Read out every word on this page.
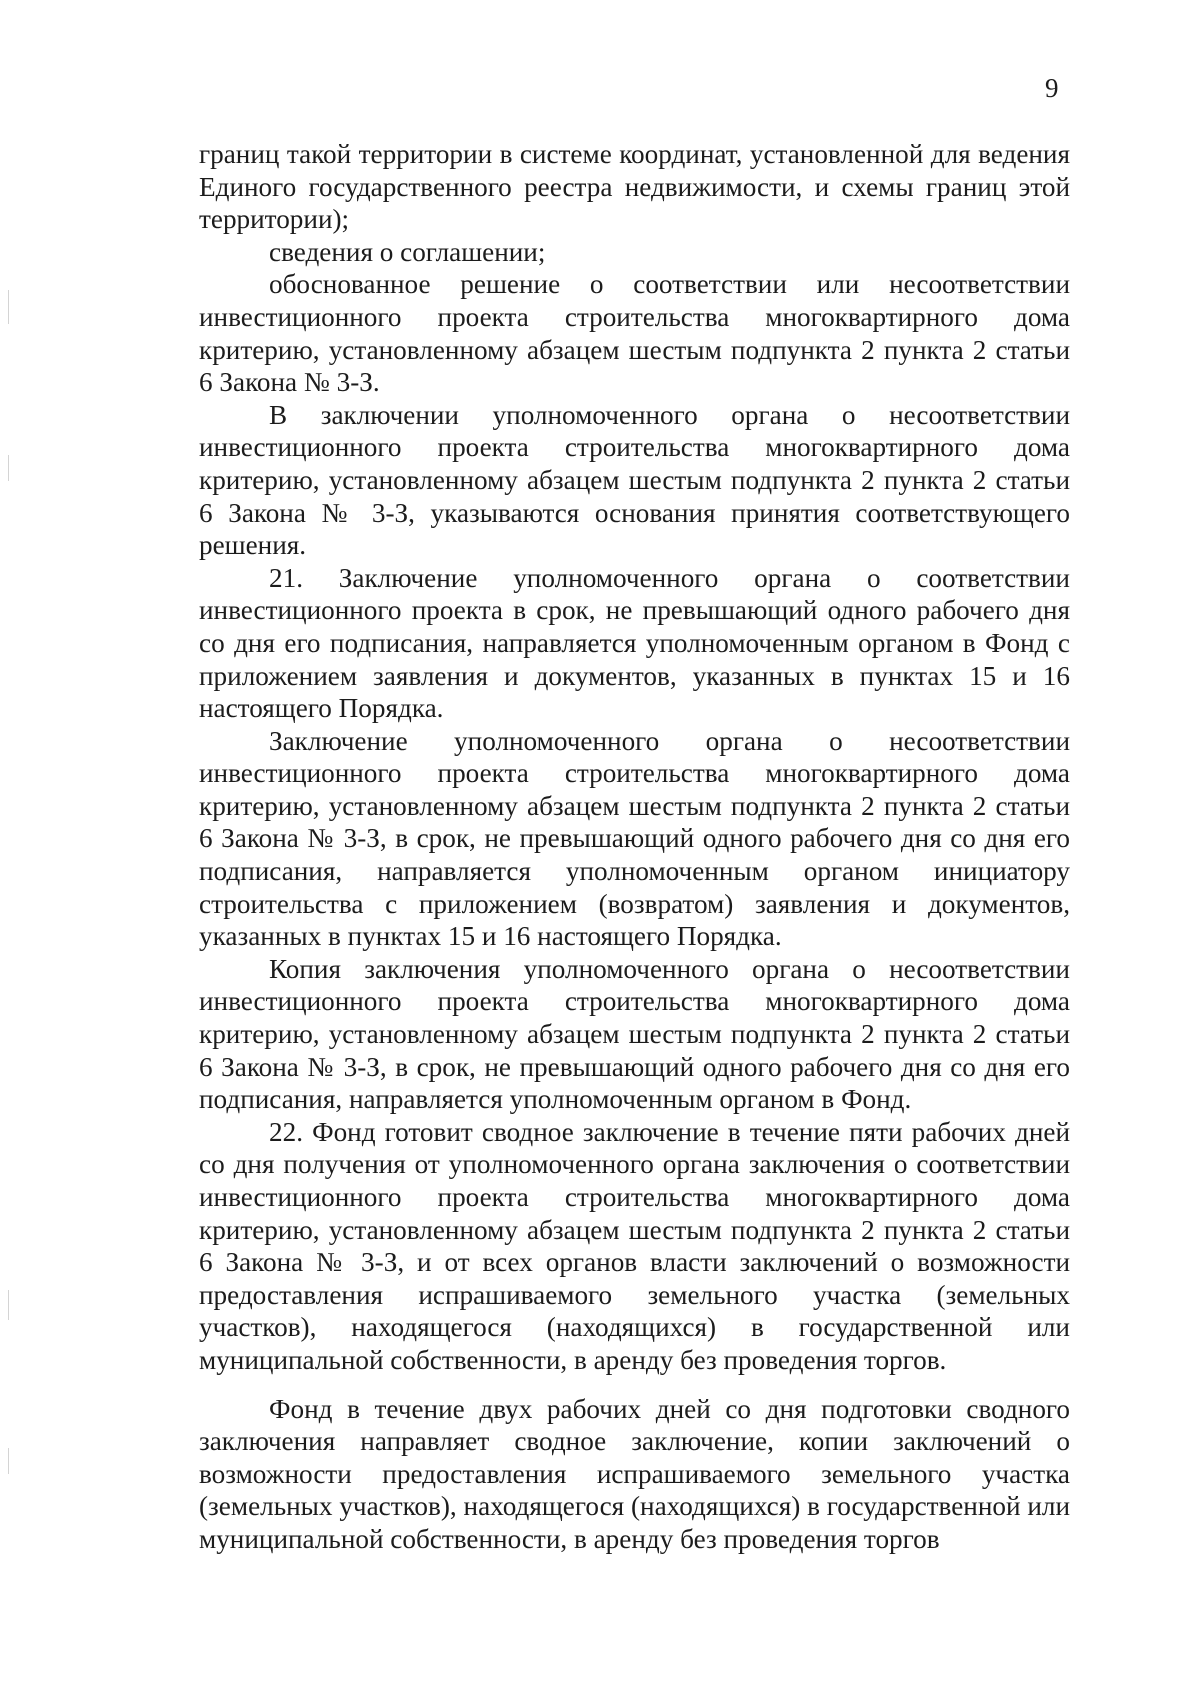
9

границ такой территории в системе координат, установленной для ведения Единого государственного реестра недвижимости, и схемы границ этой территории);

сведения о соглашении;

обоснованное решение о соответствии или несоответствии инвестиционного проекта строительства многоквартирного дома критерию, установленному абзацем шестым подпункта 2 пункта 2 статьи 6 Закона № 3-З.

В заключении уполномоченного органа о несоответствии инвестиционного проекта строительства многоквартирного дома критерию, установленному абзацем шестым подпункта 2 пункта 2 статьи 6 Закона № 3-З, указываются основания принятия соответствующего решения.

21. Заключение уполномоченного органа о соответствии инвестиционного проекта в срок, не превышающий одного рабочего дня со дня его подписания, направляется уполномоченным органом в Фонд с приложением заявления и документов, указанных в пунктах 15 и 16 настоящего Порядка.

Заключение уполномоченного органа о несоответствии инвестиционного проекта строительства многоквартирного дома критерию, установленному абзацем шестым подпункта 2 пункта 2 статьи 6 Закона № 3-З, в срок, не превышающий одного рабочего дня со дня его подписания, направляется уполномоченным органом инициатору строительства с приложением (возвратом) заявления и документов, указанных в пунктах 15 и 16 настоящего Порядка.

Копия заключения уполномоченного органа о несоответствии инвестиционного проекта строительства многоквартирного дома критерию, установленному абзацем шестым подпункта 2 пункта 2 статьи 6 Закона № 3-З, в срок, не превышающий одного рабочего дня со дня его подписания, направляется уполномоченным органом в Фонд.

22. Фонд готовит сводное заключение в течение пяти рабочих дней со дня получения от уполномоченного органа заключения о соответствии инвестиционного проекта строительства многоквартирного дома критерию, установленному абзацем шестым подпункта 2 пункта 2 статьи 6 Закона № 3-З, и от всех органов власти заключений о возможности предоставления испрашиваемого земельного участка (земельных участков), находящегося (находящихся) в государственной или муниципальной собственности, в аренду без проведения торгов.

Фонд в течение двух рабочих дней со дня подготовки сводного заключения направляет сводное заключение, копии заключений о возможности предоставления испрашиваемого земельного участка (земельных участков), находящегося (находящихся) в государственной или муниципальной собственности, в аренду без проведения торгов
